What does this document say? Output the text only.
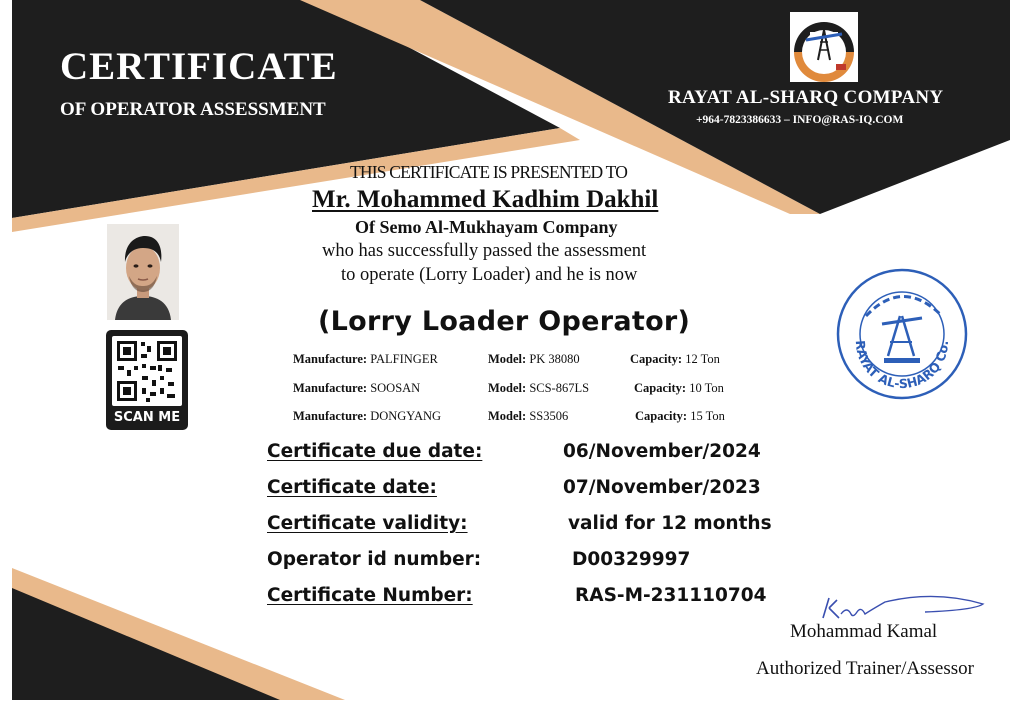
CERTIFICATE
OF OPERATOR ASSESSMENT
RAYAT AL-SHARQ COMPANY
+964-7823386633 – INFO@RAS-IQ.COM
THIS CERTIFICATE IS PRESENTED TO
Mr. Mohammed Kadhim Dakhil
Of Semo Al-Mukhayam Company
who has successfully passed the assessment
to operate (Lorry Loader) and he is now
(Lorry Loader Operator)
Manufacture: PALFINGER	Model: PK 38080	Capacity: 12 Ton
Manufacture: SOOSAN	Model: SCS-867LS	Capacity: 10 Ton
Manufacture: DONGYANG	Model: SS3506	Capacity: 15 Ton
Certificate due date:	06/November/2024
Certificate date:	07/November/2023
Certificate validity:	valid for 12 months
Operator id number:	D00329997
Certificate Number:	RAS-M-231110704
SCAN ME
RAYAT AL-SHARQ Co.
Mohammad Kamal
Authorized Trainer/Assessor
